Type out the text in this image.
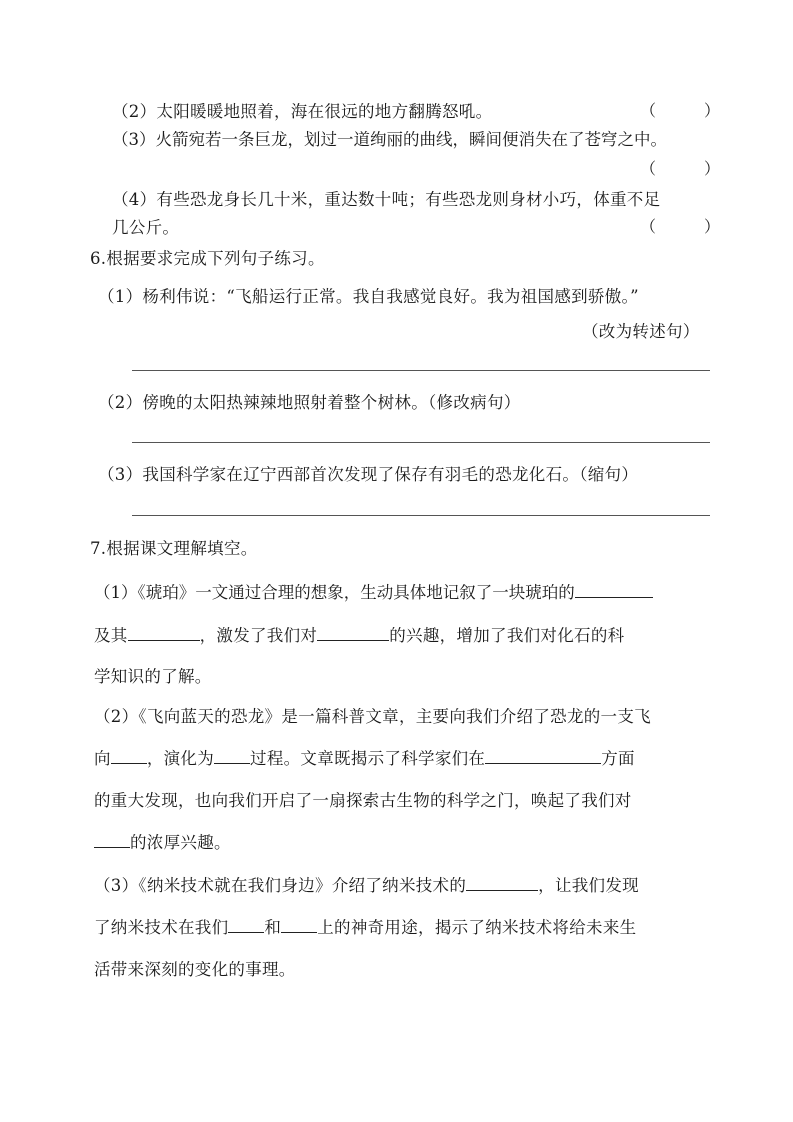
（2）太阳暖暖地照着，海在很远的地方翻腾怒吼。	（　　　）
（3）火箭宛若一条巨龙，划过一道绚丽的曲线，瞬间便消失在了苍穹之中。
（　　　）
（4）有些恐龙身长几十米，重达数十吨；有些恐龙则身材小巧，体重不足
几公斤。	（　　　）
6.根据要求完成下列句子练习。
（1）杨利伟说：“飞船运行正常。我自我感觉良好。我为祖国感到骄傲。”
（改为转述句）
（2）傍晚的太阳热辣辣地照射着整个树林。（修改病句）
（3）我国科学家在辽宁西部首次发现了保存有羽毛的恐龙化石。（缩句）
7.根据课文理解填空。
（1）《琥珀》一文通过合理的想象，生动具体地记叙了一块琥珀的
及其	，激发了我们对	的兴趣，增加了我们对化石的科
学知识的了解。
（2）《飞向蓝天的恐龙》是一篇科普文章，主要向我们介绍了恐龙的一支飞
向 ，演化为 过程。文章既揭示了科学家们在	方面
的重大发现，也向我们开启了一扇探索古生物的科学之门，唤起了我们对
的浓厚兴趣。
（3）《纳米技术就在我们身边》介绍了纳米技术的	，让我们发现
了纳米技术在我们 和 上的神奇用途，揭示了纳米技术将给未来生
活带来深刻的变化的事理。
